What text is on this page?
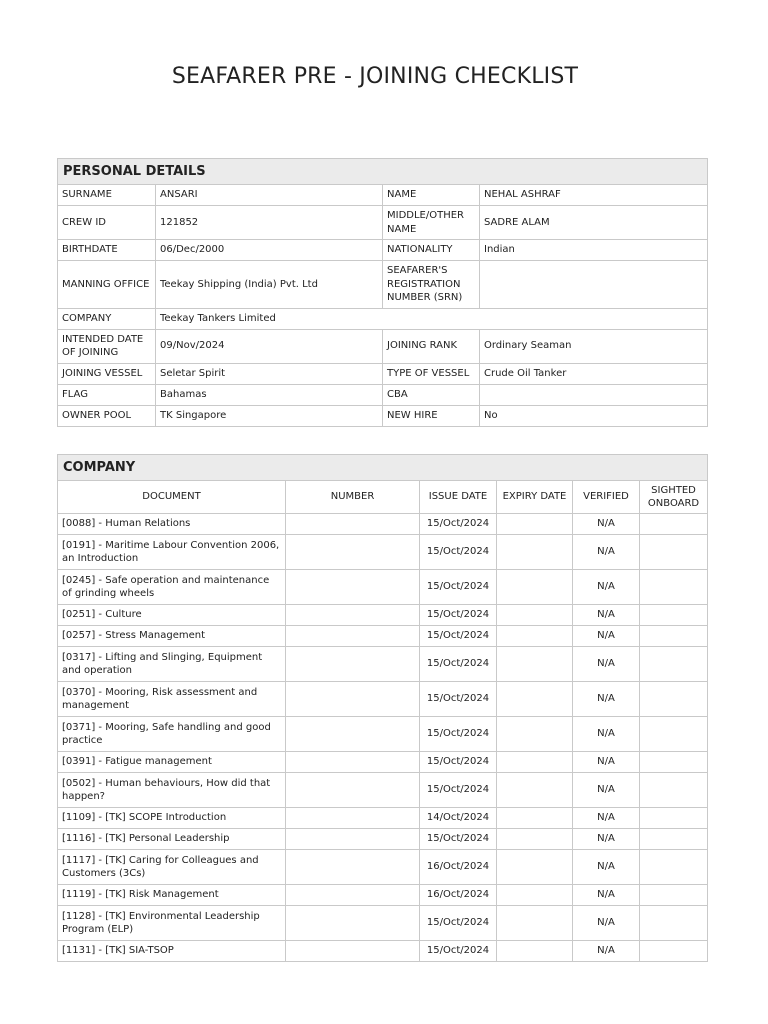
SEAFARER PRE - JOINING CHECKLIST
PERSONAL DETAILS			
SURNAME	ANSARI	NAME	NEHAL ASHRAF
CREW ID	121852	MIDDLE/OTHER NAME	SADRE ALAM
BIRTHDATE	06/Dec/2000	NATIONALITY	Indian
MANNING OFFICE	Teekay Shipping (India) Pvt. Ltd	SEAFARER'S REGISTRATION NUMBER (SRN)	
COMPANY	Teekay Tankers Limited		
INTENDED DATE OF JOINING	09/Nov/2024	JOINING RANK	Ordinary Seaman
JOINING VESSEL	Seletar Spirit	TYPE OF VESSEL	Crude Oil Tanker
FLAG	Bahamas	CBA	
OWNER POOL	TK Singapore	NEW HIRE	No
COMPANY					
DOCUMENT	NUMBER	ISSUE DATE	EXPIRY DATE	VERIFIED	SIGHTED ONBOARD
[0088] - Human Relations		15/Oct/2024		N/A	
[0191] - Maritime Labour Convention 2006, an Introduction		15/Oct/2024		N/A	
[0245] - Safe operation and maintenance of grinding wheels		15/Oct/2024		N/A	
[0251] - Culture		15/Oct/2024		N/A	
[0257] - Stress Management		15/Oct/2024		N/A	
[0317] - Lifting and Slinging, Equipment and operation		15/Oct/2024		N/A	
[0370] - Mooring, Risk assessment and management		15/Oct/2024		N/A	
[0371] - Mooring, Safe handling and good practice		15/Oct/2024		N/A	
[0391] - Fatigue management		15/Oct/2024		N/A	
[0502] - Human behaviours, How did that happen?		15/Oct/2024		N/A	
[1109] - [TK] SCOPE Introduction		14/Oct/2024		N/A	
[1116] - [TK] Personal Leadership		15/Oct/2024		N/A	
[1117] - [TK] Caring for Colleagues and Customers (3Cs)		16/Oct/2024		N/A	
[1119] - [TK] Risk Management		16/Oct/2024		N/A	
[1128] - [TK] Environmental Leadership Program (ELP)		15/Oct/2024		N/A	
[1131] - [TK] SIA-TSOP		15/Oct/2024		N/A	
